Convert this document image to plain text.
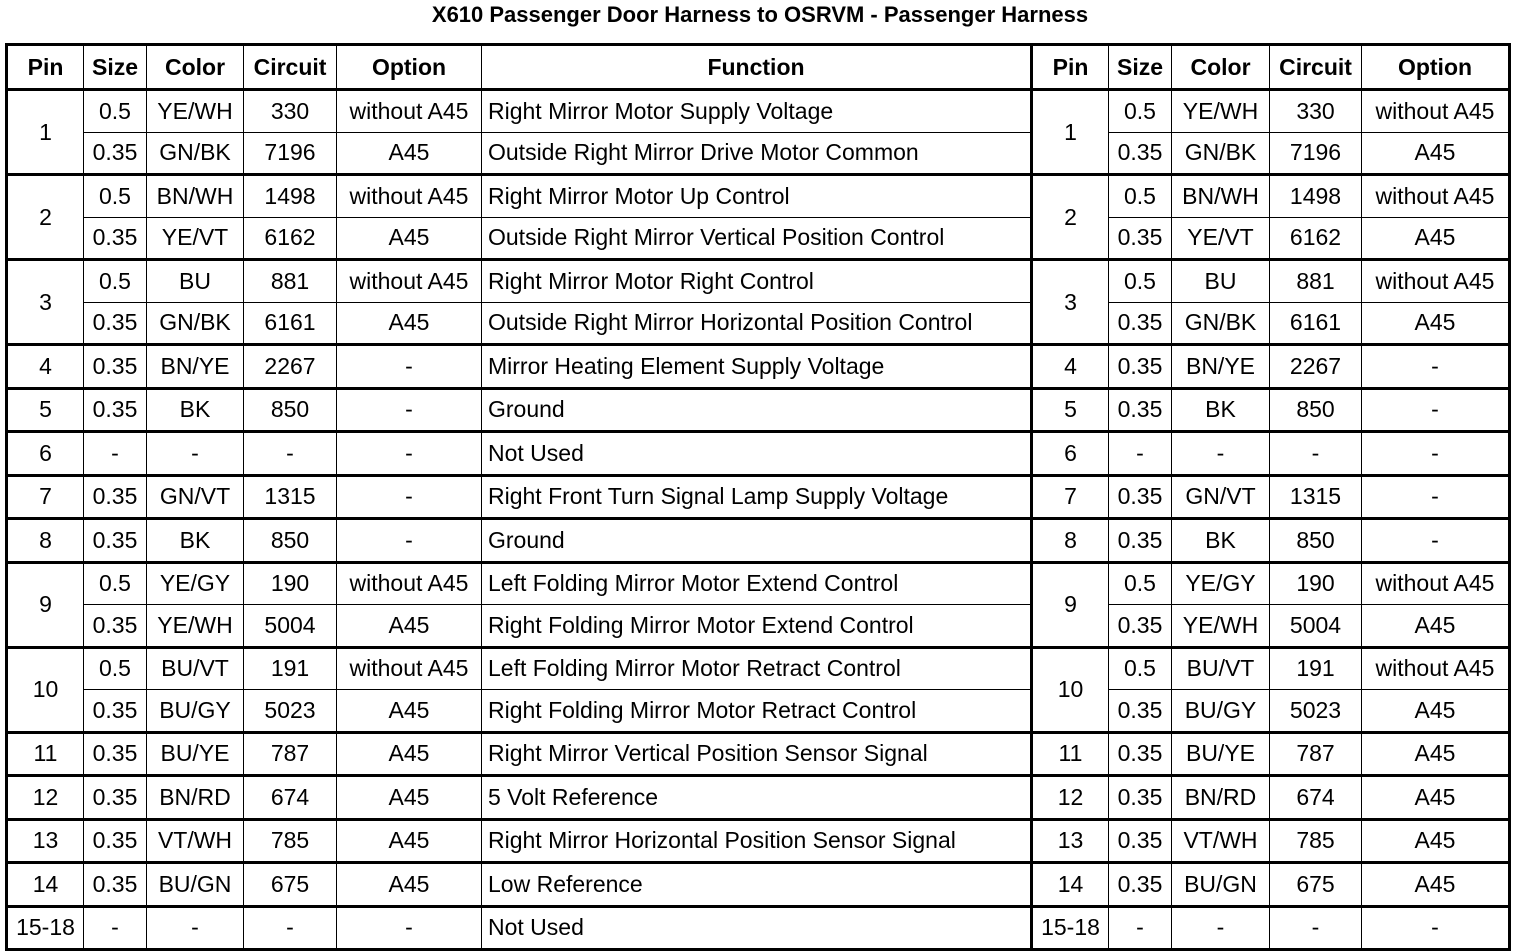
X610 Passenger Door Harness to OSRVM - Passenger Harness
Pin	Size	Color	Circuit	Option	Function	Pin	Size	Color	Circuit	Option
1	0.5	YE/WH	330	without A45	Right Mirror Motor Supply Voltage	1	0.5	YE/WH	330	without A45
	0.35	GN/BK	7196	A45	Outside Right Mirror Drive Motor Common		0.35	GN/BK	7196	A45
2	0.5	BN/WH	1498	without A45	Right Mirror Motor Up Control	2	0.5	BN/WH	1498	without A45
	0.35	YE/VT	6162	A45	Outside Right Mirror Vertical Position Control		0.35	YE/VT	6162	A45
3	0.5	BU	881	without A45	Right Mirror Motor Right Control	3	0.5	BU	881	without A45
	0.35	GN/BK	6161	A45	Outside Right Mirror Horizontal Position Control		0.35	GN/BK	6161	A45
4	0.35	BN/YE	2267	-	Mirror Heating Element Supply Voltage	4	0.35	BN/YE	2267	-
5	0.35	BK	850	-	Ground	5	0.35	BK	850	-
6	-	-	-	-	Not Used	6	-	-	-	-
7	0.35	GN/VT	1315	-	Right Front Turn Signal Lamp Supply Voltage	7	0.35	GN/VT	1315	-
8	0.35	BK	850	-	Ground	8	0.35	BK	850	-
9	0.5	YE/GY	190	without A45	Left Folding Mirror Motor Extend Control	9	0.5	YE/GY	190	without A45
	0.35	YE/WH	5004	A45	Right Folding Mirror Motor Extend Control		0.35	YE/WH	5004	A45
10	0.5	BU/VT	191	without A45	Left Folding Mirror Motor Retract Control	10	0.5	BU/VT	191	without A45
	0.35	BU/GY	5023	A45	Right Folding Mirror Motor Retract Control		0.35	BU/GY	5023	A45
11	0.35	BU/YE	787	A45	Right Mirror Vertical Position Sensor Signal	11	0.35	BU/YE	787	A45
12	0.35	BN/RD	674	A45	5 Volt Reference	12	0.35	BN/RD	674	A45
13	0.35	VT/WH	785	A45	Right Mirror Horizontal Position Sensor Signal	13	0.35	VT/WH	785	A45
14	0.35	BU/GN	675	A45	Low Reference	14	0.35	BU/GN	675	A45
15-18	-	-	-	-	Not Used	15-18	-	-	-	-
